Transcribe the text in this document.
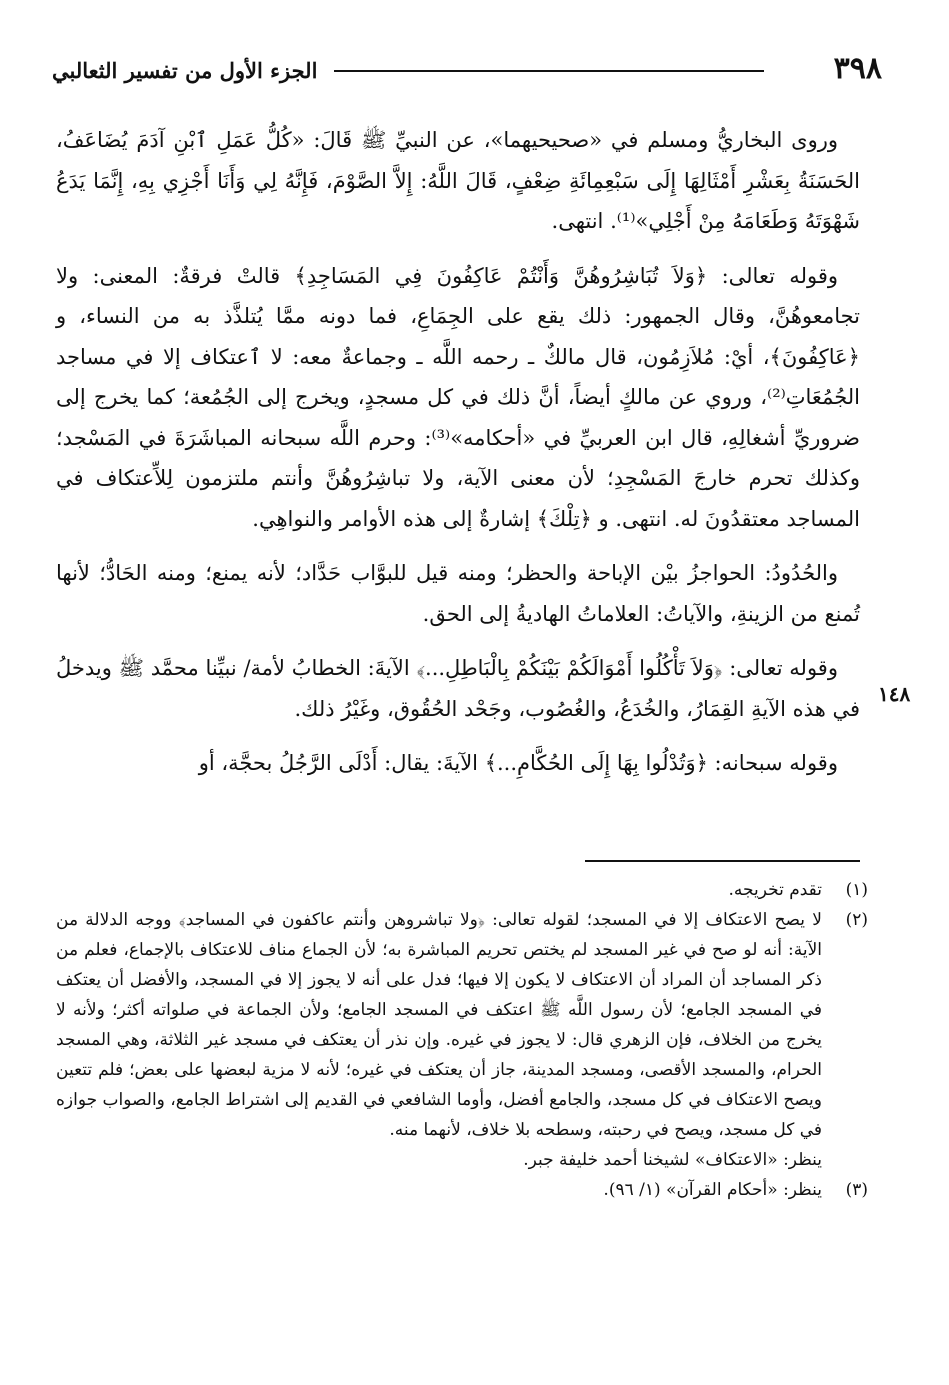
٣٩٨
الجزء الأول من تفسير الثعالبي
١٤٨

وروى البخاريُّ ومسلم في «صحيحيهما»، عن النبيِّ ﷺ قَالَ: «كُلُّ عَمَلِ ٱبْنِ آدَمَ يُضَاعَفُ، الحَسَنَةُ بِعَشْرِ أَمْثَالِهَا إِلَى سَبْعِمِائَةِ ضِعْفٍ، قَالَ اللَّهُ: إِلاَّ الصَّوْمَ، فَإِنَّهُ لِي وَأَنَا أَجْزِي بِهِ، إِنَّمَا يَدَعُ شَهْوَتَهُ وَطَعَامَهُ مِنْ أَجْلِي»⁽¹⁾. انتهى.

وقوله تعالى: ﴿وَلاَ تُبَاشِرُوهُنَّ وَأَنْتُمْ عَاكِفُونَ فِي المَسَاجِدِ﴾ قالتْ فرقةٌ: المعنى: ولا تجامعوهُنَّ، وقال الجمهور: ذلك يقع على الجِمَاعِ، فما دونه ممَّا يُتلذَّذ به من النساء، و ﴿عَاكِفُونَ﴾، أيْ: مُلاَزِمُون، قال مالكٌ ـ رحمه اللَّه ـ وجماعةٌ معه: لا ٱعتكاف إلا في مساجد الجُمُعَاتِ⁽²⁾، وروي عن مالكٍ أيضاً، أنَّ ذلك في كل مسجدٍ، ويخرج إلى الجُمُعة؛ كما يخرج إلى ضروريِّ أشغالِهِ، قال ابن العربيِّ في «أحكامه»⁽³⁾: وحرم اللَّه سبحانه المباشَرَةَ في المَسْجد؛ وكذلك تحرم خارجَ المَسْجِدِ؛ لأن معنى الآية، ولا تباشِرُوهُنَّ وأنتم ملتزمون لِلاِّعتكاف في المساجد معتقدُونَ له. انتهى. و ﴿تِلْكَ﴾ إشارةٌ إلى هذه الأوامر والنواهِي.

والحُدُودُ: الحواجزُ بيْن الإباحة والحظر؛ ومنه قيل للبوَّاب حَدَّاد؛ لأنه يمنع؛ ومنه الحَادُّ؛ لأنها تُمنع من الزينةِ، والآياتُ: العلاماتُ الهاديةُ إلى الحق.

وقوله تعالى: ﴿وَلاَ تَأْكُلُوا أَمْوَالَكُمْ بَيْنَكُمْ بِالْبَاطِلِ...﴾ الآيةَ: الخطابُ لأمة/ نبيِّنا محمَّد ﷺ ويدخلُ في هذه الآيةِ القِمَارُ، والخُدَعُ، والغُصُوب، وجَحْد الحُقُوق، وغَيْرُ ذلك.

وقوله سبحانه: ﴿وَتُدْلُوا بِهَا إِلَى الحُكَّامِ...﴾ الآيةَ: يقال: أَدْلَى الرَّجُلُ بحجَّة، أو

(١)
تقدم تخريجه.

(٢)
لا يصح الاعتكاف إلا في المسجد؛ لقوله تعالى: ﴿ولا تباشروهن وأنتم عاكفون في المساجد﴾ ووجه الدلالة من الآية: أنه لو صح في غير المسجد لم يختص تحريم المباشرة به؛ لأن الجماع مناف للاعتكاف بالإجماع، فعلم من ذكر المساجد أن المراد أن الاعتكاف لا يكون إلا فيها؛ فدل على أنه لا يجوز إلا في المسجد، والأفضل أن يعتكف في المسجد الجامع؛ لأن رسول اللَّه ﷺ اعتكف في المسجد الجامع؛ ولأن الجماعة في صلواته أكثر؛ ولأنه لا يخرج من الخلاف، فإن الزهري قال: لا يجوز في غيره. وإن نذر أن يعتكف في مسجد غير الثلاثة، وهي المسجد الحرام، والمسجد الأقصى، ومسجد المدينة، جاز أن يعتكف في غيره؛ لأنه لا مزية لبعضها على بعض؛ فلم تتعين ويصح الاعتكاف في كل مسجد، والجامع أفضل، وأوما الشافعي في القديم إلى اشتراط الجامع، والصواب جوازه في كل مسجد، ويصح في رحبته، وسطحه بلا خلاف، لأنهما منه.

ينظر: «الاعتكاف» لشيخنا أحمد خليفة جبر.

(٣)
ينظر: «أحكام القرآن» (١/ ٩٦).
